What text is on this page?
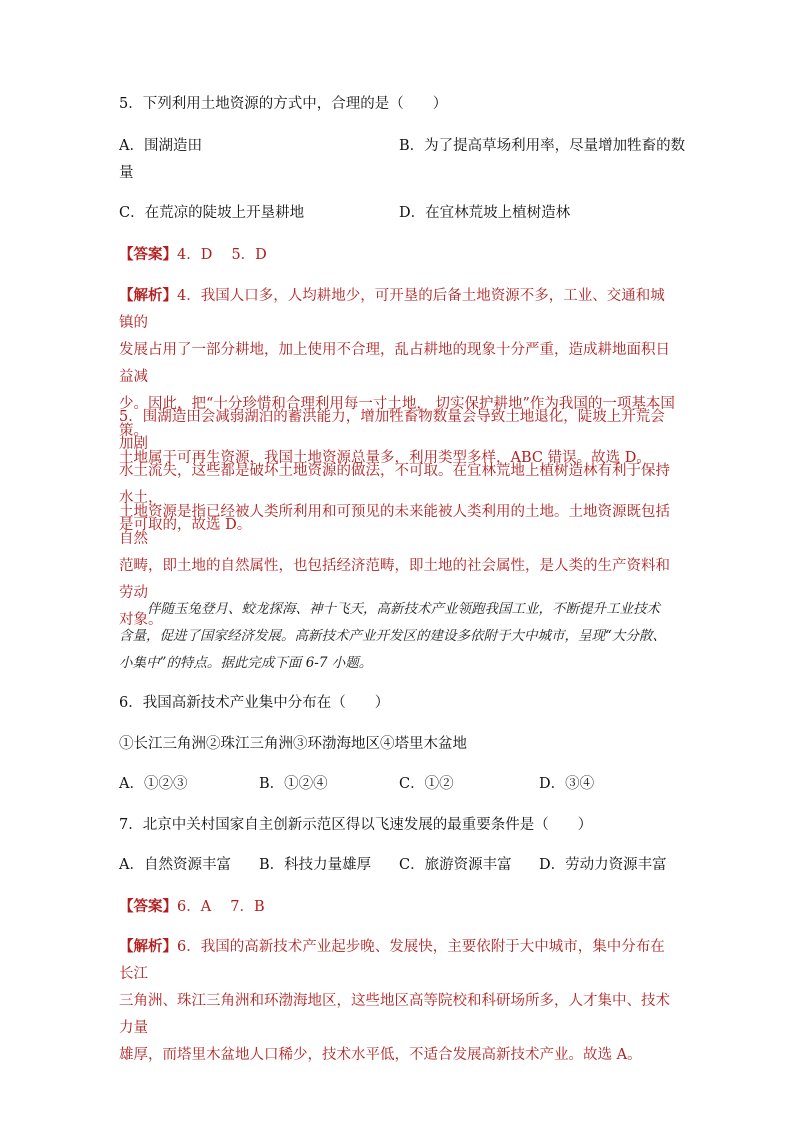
5．下列利用土地资源的方式中，合理的是（　　）
A．围湖造田	B．为了提高草场利用率，尽量增加牲畜的数
量
C．在荒凉的陡坡上开垦耕地	D．在宜林荒坡上植树造林
【答案】4．D　 5．D
【解析】4．我国人口多，人均耕地少，可开垦的后备土地资源不多，工业、交通和城镇的
发展占用了一部分耕地，加上使用不合理，乱占耕地的现象十分严重，造成耕地面积日益减
少。因此，把“十分珍惜和合理利用每一寸土地， 切实保护耕地”作为我国的一项基本国策。
土地属于可再生资源，我国土地资源总量多，利用类型多样，ABC 错误。故选 D。
5．围湖造田会减弱湖泊的蓄洪能力，增加牲畜物数量会导致土地退化，陡坡上开荒会加剧
水土流失，这些都是破坏土地资源的做法，不可取。在宜林荒地上植树造林有利于保持水土，
是可取的，故选 D。
土地资源是指已经被人类所利用和可预见的未来能被人类利用的土地。土地资源既包括自然
范畴，即土地的自然属性，也包括经济范畴，即土地的社会属性，是人类的生产资料和劳动
对象。
伴随玉兔登月、蛟龙探海、神十飞天，高新技术产业领跑我国工业，不断提升工业技术
含量，促进了国家经济发展。高新技术产业开发区的建设多依附于大中城市，呈现“大分散、
小集中”的特点。据此完成下面 6-7 小题。
6．我国高新技术产业集中分布在（　　）
①长江三角洲②珠江三角洲③环渤海地区④塔里木盆地
A．①②③	B．①②④	C．①②	D．③④
7．北京中关村国家自主创新示范区得以飞速发展的最重要条件是（　　）
A．自然资源丰富 B．科技力量雄厚 C．旅游资源丰富 D．劳动力资源丰富
【答案】6．A　 7．B
【解析】6．我国的高新技术产业起步晚、发展快，主要依附于大中城市，集中分布在长江
三角洲、珠江三角洲和环渤海地区，这些地区高等院校和科研场所多，人才集中、技术力量
雄厚，而塔里木盆地人口稀少，技术水平低，不适合发展高新技术产业。故选 A。
